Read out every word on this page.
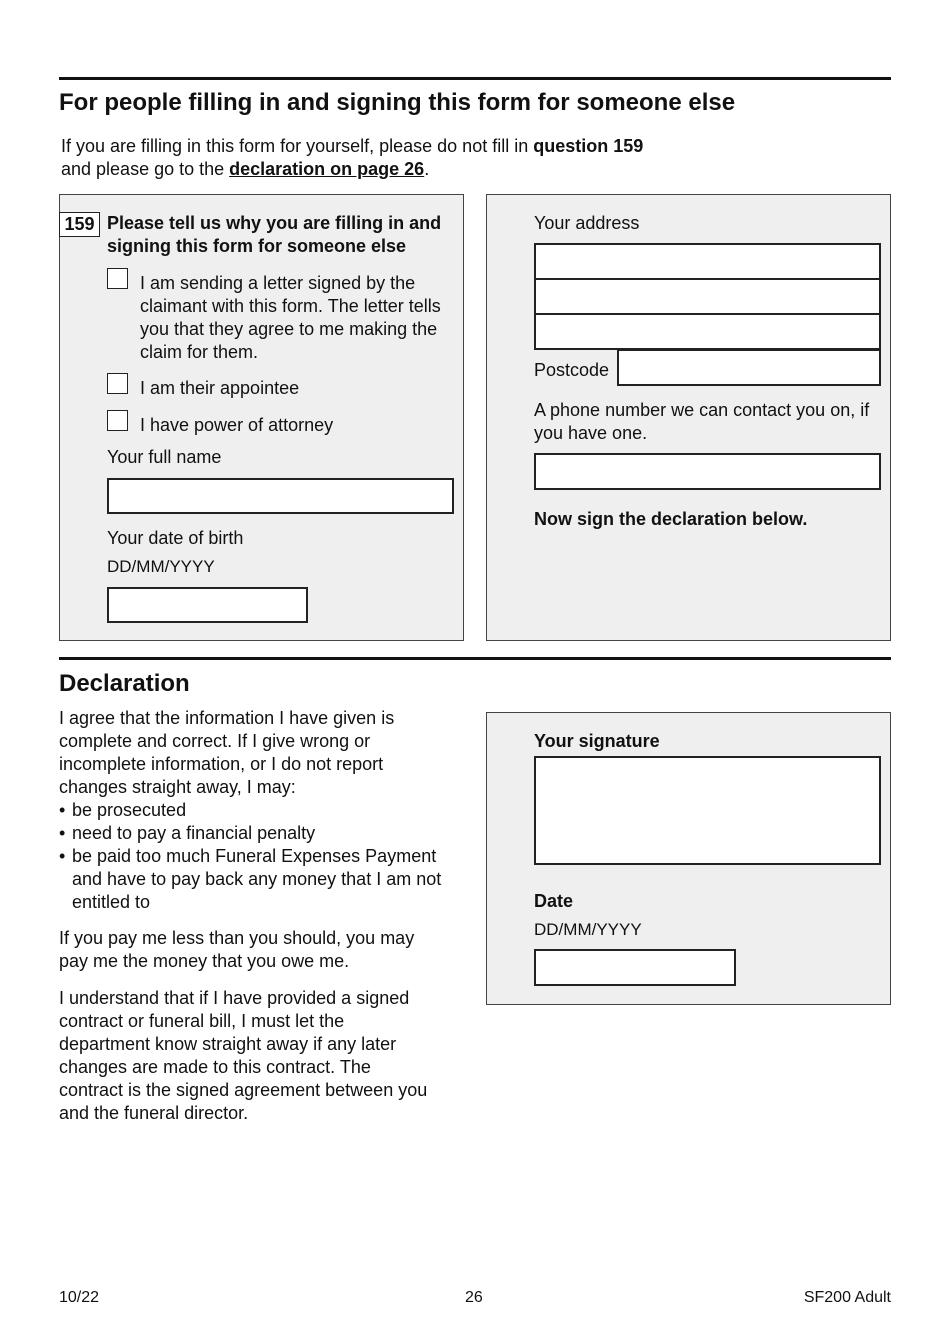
For people filling in and signing this form for someone else
If you are filling in this form for yourself, please do not fill in question 159
and please go to the declaration on page 26.
159 Please tell us why you are filling in and signing this form for someone else
I am sending a letter signed by the claimant with this form. The letter tells you that they agree to me making the claim for them.
I am their appointee
I have power of attorney
Your full name
Your date of birth
DD/MM/YYYY
Your address
Postcode
A phone number we can contact you on, if you have one.
Now sign the declaration below.
Declaration
I agree that the information I have given is complete and correct. If I give wrong or incomplete information, or I do not report changes straight away, I may:
• be prosecuted
• need to pay a financial penalty
• be paid too much Funeral Expenses Payment and have to pay back any money that I am not entitled to
If you pay me less than you should, you may pay me the money that you owe me.
I understand that if I have provided a signed contract or funeral bill, I must let the department know straight away if any later changes are made to this contract. The contract is the signed agreement between you and the funeral director.
Your signature
Date
DD/MM/YYYY
10/22	26	SF200 Adult
